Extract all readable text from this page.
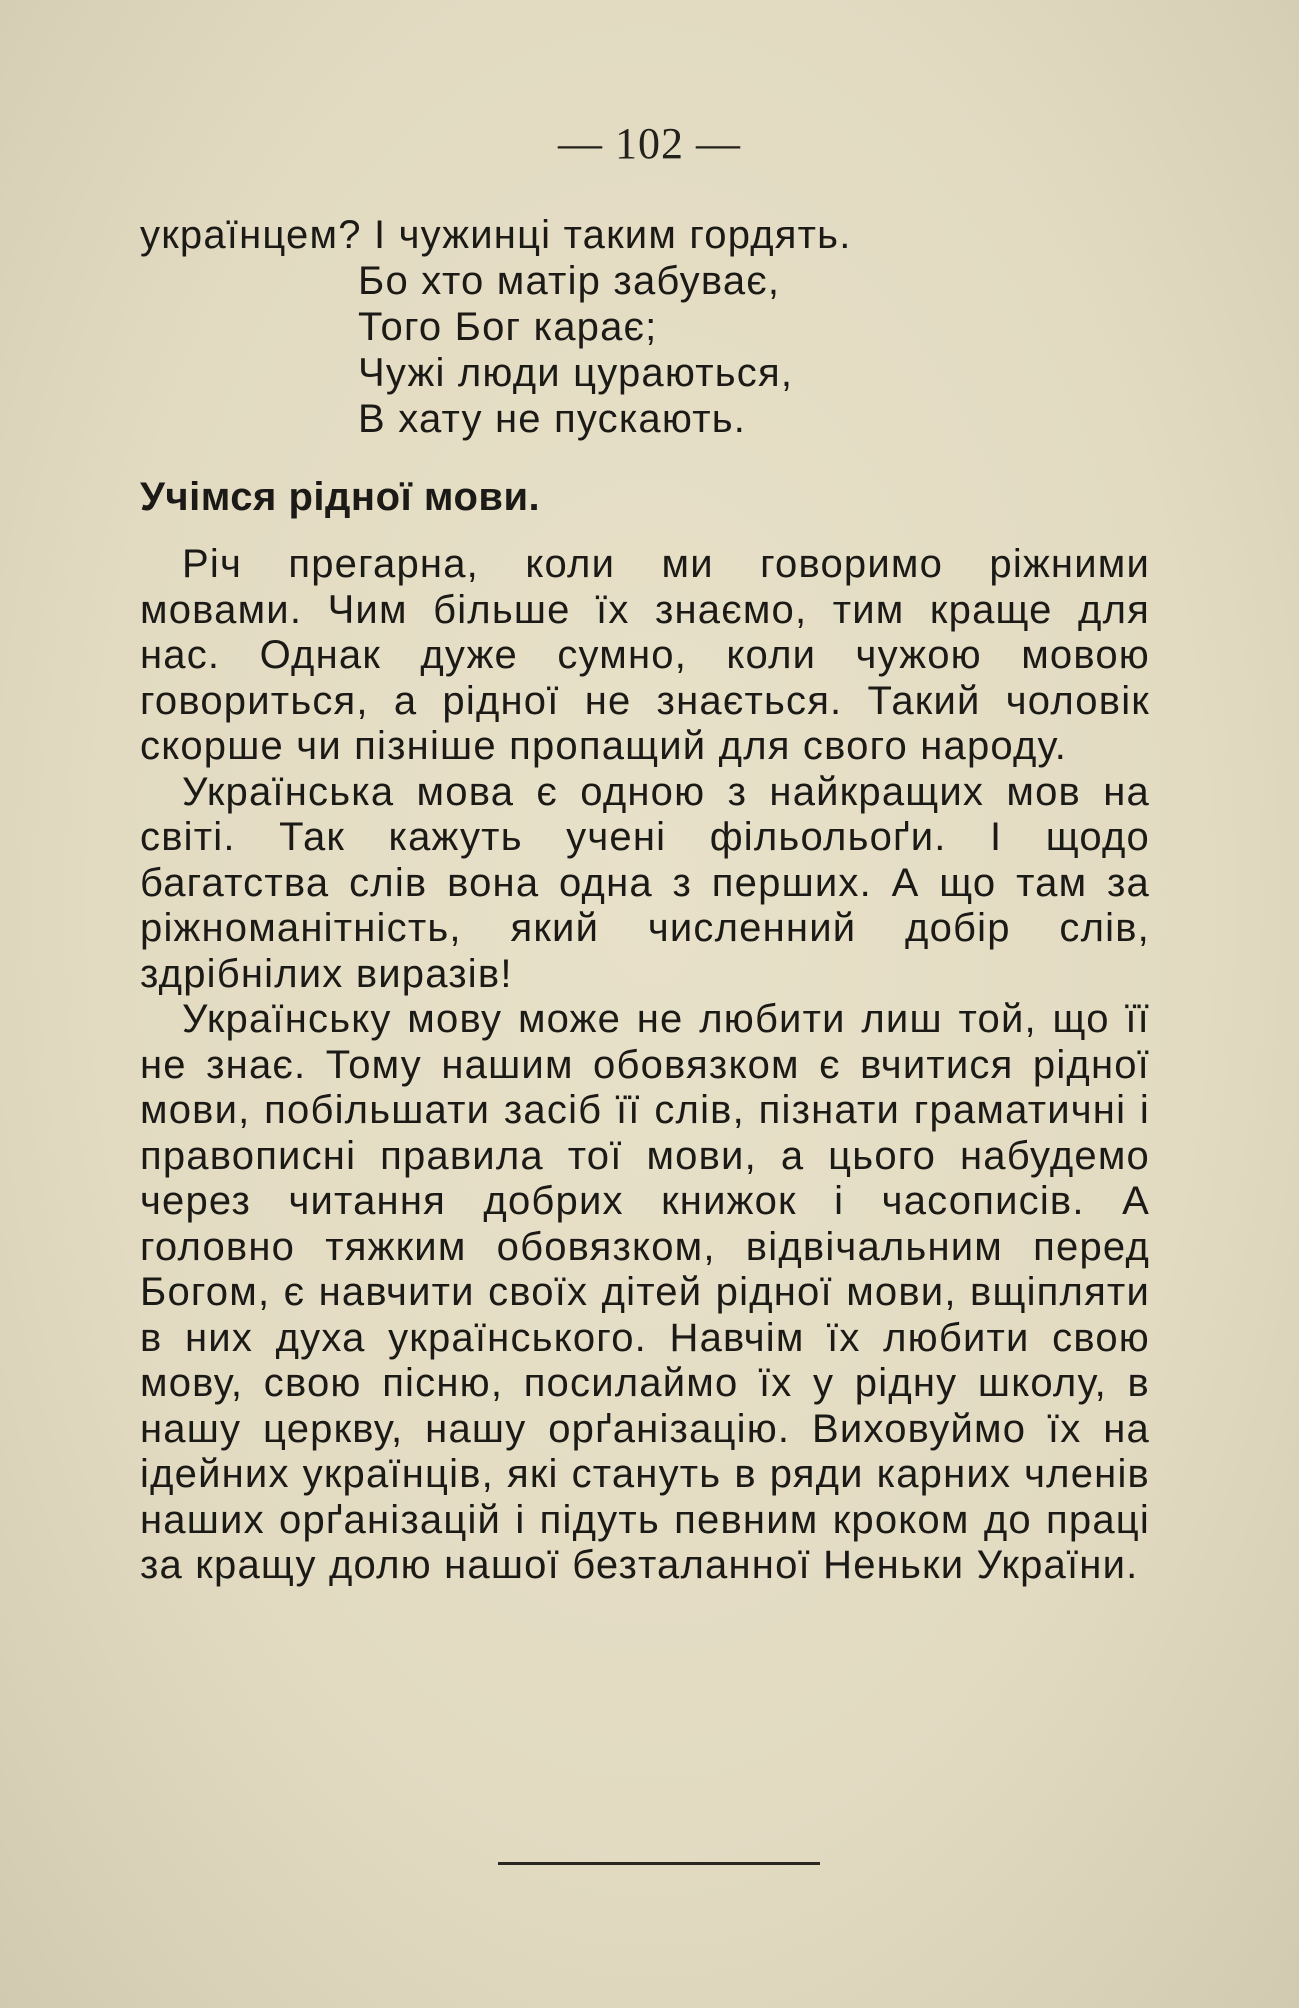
— 102 —

українцем? І чужинці таким гордять.

Бо хто матір забуває,
Того Бог карає;
Чужі люди цураються,
В хату не пускають.
Учімся рідної мови.

Річ прегарна, коли ми говоримо ріжними мовами. Чим більше їх знаємо, тим краще для нас. Однак дуже сумно, коли чужою мовою говориться, а рідної не знається. Такий чоловік скорше чи пізніше пропащий для свого народу.

Українська мова є одною з найкращих мов на світі. Так кажуть учені фільольоґи. І щодо багатства слів вона одна з перших. А що там за ріжноманітність, який численний добір слів, здрібнілих виразів!

Українську мову може не любити лиш той, що її не знає. Тому нашим обовязком є вчитися рідної мови, побільшати засіб її слів, пізнати граматичні і правописні правила тої мови, а цього набудемо через читання добрих книжок і часописів. А головно тяжким обовязком, відвічальним перед Богом, є навчити своїх дітей рідної мови, вщіпляти в них духа українського. Навчім їх любити свою мову, свою пісню, посилаймо їх у рідну школу, в нашу церкву, нашу орґанізацію. Виховуймо їх на ідейних українців, які стануть в ряди карних членів наших орґанізацій і підуть певним кроком до праці за кращу долю нашої безталанної Неньки України.
